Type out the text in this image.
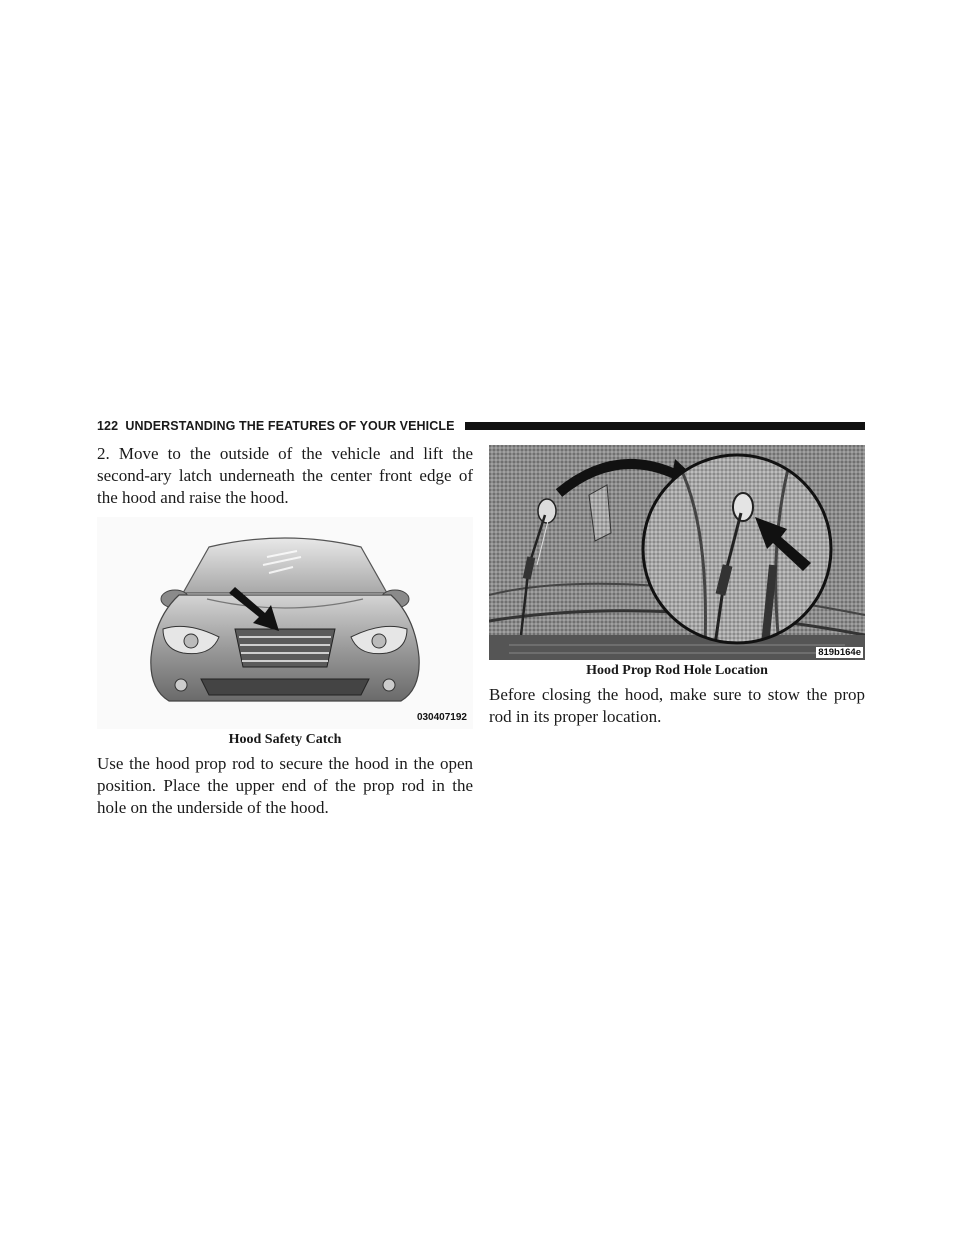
122 UNDERSTANDING THE FEATURES OF YOUR VEHICLE

2. Move to the outside of the vehicle and lift the second-ary latch underneath the center front edge of the hood and raise the hood.

030407192
Hood Safety Catch

Use the hood prop rod to secure the hood in the open position. Place the upper end of the prop rod in the hole on the underside of the hood.

819b164e
Hood Prop Rod Hole Location

Before closing the hood, make sure to stow the prop rod in its proper location.
